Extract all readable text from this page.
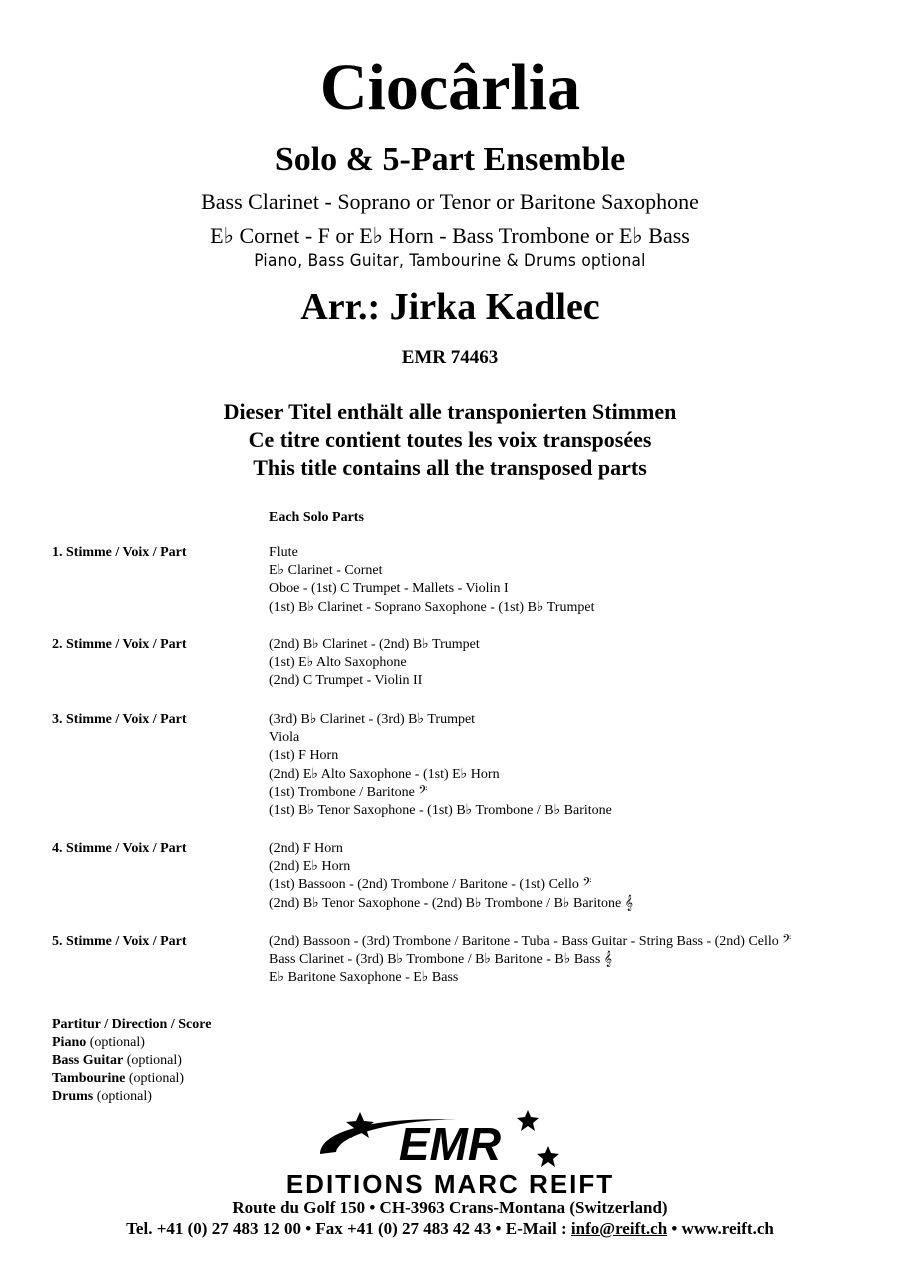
Ciocârlia
Solo & 5-Part Ensemble
Bass Clarinet - Soprano or Tenor or Baritone Saxophone
E♭ Cornet - F or E♭ Horn - Bass Trombone or E♭ Bass
Piano, Bass Guitar, Tambourine & Drums optional
Arr.: Jirka Kadlec
EMR 74463
Dieser Titel enthält alle transponierten Stimmen
Ce titre contient toutes les voix transposées
This title contains all the transposed parts
Each Solo Parts
1. Stimme / Voix / Part	Flute
E♭ Clarinet - Cornet
Oboe - (1st) C Trumpet - Mallets - Violin I
(1st) B♭ Clarinet - Soprano Saxophone - (1st) B♭ Trumpet
2. Stimme / Voix / Part	(2nd) B♭ Clarinet - (2nd) B♭ Trumpet
(1st) E♭ Alto Saxophone
(2nd) C Trumpet - Violin II
3. Stimme / Voix / Part	(3rd) B♭ Clarinet - (3rd) B♭ Trumpet
Viola
(1st) F Horn
(2nd) E♭ Alto Saxophone - (1st) E♭ Horn
(1st) Trombone / Baritone 𝄢
(1st) B♭ Tenor Saxophone - (1st) B♭ Trombone / B♭ Baritone
4. Stimme / Voix / Part	(2nd) F Horn
(2nd) E♭ Horn
(1st) Bassoon - (2nd) Trombone / Baritone - (1st) Cello 𝄢
(2nd) B♭ Tenor Saxophone - (2nd) B♭ Trombone / B♭ Baritone 𝄞
5. Stimme / Voix / Part	(2nd) Bassoon - (3rd) Trombone / Baritone - Tuba - Bass Guitar - String Bass - (2nd) Cello 𝄢
Bass Clarinet - (3rd) B♭ Trombone / B♭ Baritone - B♭ Bass 𝄞
E♭ Baritone Saxophone - E♭ Bass
Partitur / Direction / Score
Piano (optional)
Bass Guitar (optional)
Tambourine (optional)
Drums (optional)
EMR
EDITIONS MARC REIFT
Route du Golf 150 • CH-3963 Crans-Montana (Switzerland)
Tel. +41 (0) 27 483 12 00 • Fax +41 (0) 27 483 42 43 • E-Mail : info@reift.ch • www.reift.ch
